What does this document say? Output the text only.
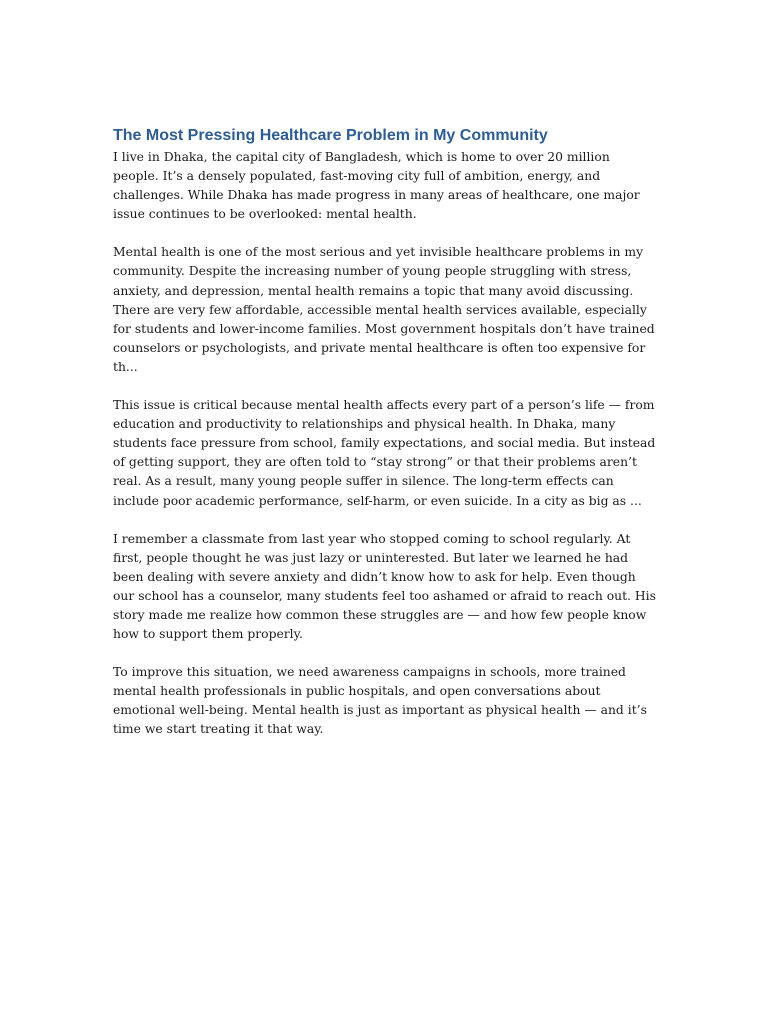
The Most Pressing Healthcare Problem in My Community

I live in Dhaka, the capital city of Bangladesh, which is home to over 20 million people. It’s a densely populated, fast-moving city full of ambition, energy, and challenges. While Dhaka has made progress in many areas of healthcare, one major issue continues to be overlooked: mental health.

Mental health is one of the most serious and yet invisible healthcare problems in my community. Despite the increasing number of young people struggling with stress, anxiety, and depression, mental health remains a topic that many avoid discussing. There are very few affordable, accessible mental health services available, especially for students and lower-income families. Most government hospitals don’t have trained counselors or psychologists, and private mental healthcare is often too expensive for th...

This issue is critical because mental health affects every part of a person’s life — from education and productivity to relationships and physical health. In Dhaka, many students face pressure from school, family expectations, and social media. But instead of getting support, they are often told to “stay strong” or that their problems aren’t real. As a result, many young people suffer in silence. The long-term effects can include poor academic performance, self-harm, or even suicide. In a city as big as ...

I remember a classmate from last year who stopped coming to school regularly. At first, people thought he was just lazy or uninterested. But later we learned he had been dealing with severe anxiety and didn’t know how to ask for help. Even though our school has a counselor, many students feel too ashamed or afraid to reach out. His story made me realize how common these struggles are — and how few people know how to support them properly.

To improve this situation, we need awareness campaigns in schools, more trained mental health professionals in public hospitals, and open conversations about emotional well-being. Mental health is just as important as physical health — and it’s time we start treating it that way.
